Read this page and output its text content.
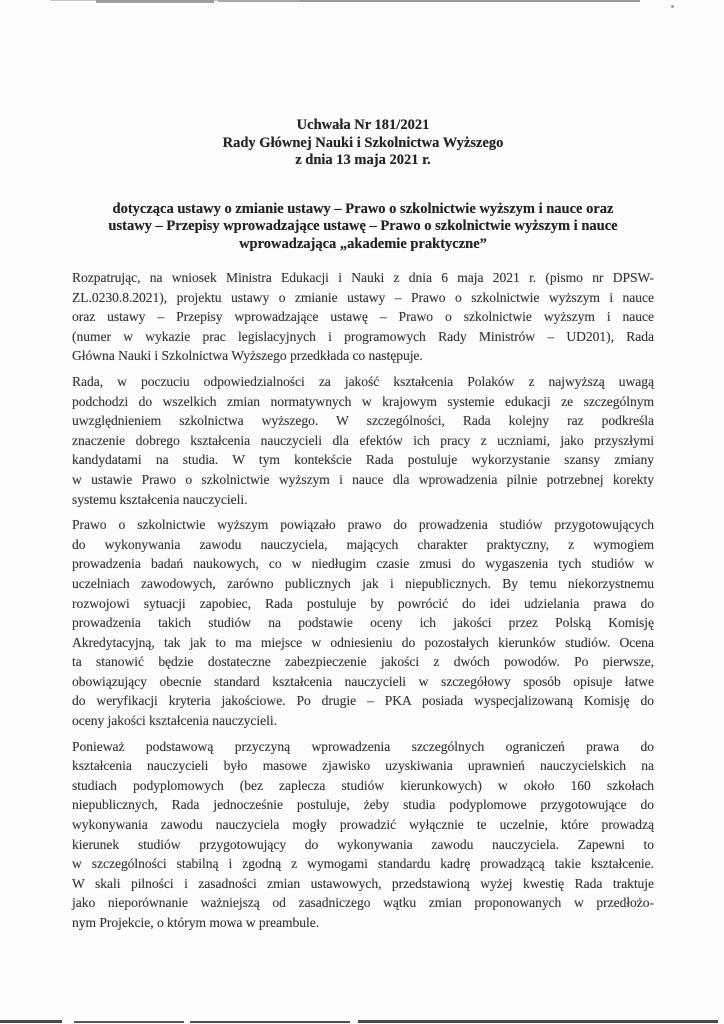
Uchwała Nr 181/2021
Rady Głównej Nauki i Szkolnictwa Wyższego
z dnia 13 maja 2021 r.
dotycząca ustawy o zmianie ustawy – Prawo o szkolnictwie wyższym i nauce oraz
ustawy – Przepisy wprowadzające ustawę – Prawo o szkolnictwie wyższym i nauce
wprowadzająca „akademie praktyczne”
Rozpatrując, na wniosek Ministra Edukacji i Nauki z dnia 6 maja 2021 r. (pismo nr DPSW-
ZL.0230.8.2021), projektu ustawy o zmianie ustawy – Prawo o szkolnictwie wyższym i nauce
oraz ustawy – Przepisy wprowadzające ustawę – Prawo o szkolnictwie wyższym i nauce
(numer w wykazie prac legislacyjnych i programowych Rady Ministrów – UD201), Rada
Główna Nauki i Szkolnictwa Wyższego przedkłada co następuje.
Rada, w poczuciu odpowiedzialności za jakość kształcenia Polaków z najwyższą uwagą
podchodzi do wszelkich zmian normatywnych w krajowym systemie edukacji ze szczególnym
uwzględnieniem szkolnictwa wyższego. W szczególności, Rada kolejny raz podkreśla
znaczenie dobrego kształcenia nauczycieli dla efektów ich pracy z uczniami, jako przyszłymi
kandydatami na studia. W tym kontekście Rada postuluje wykorzystanie szansy zmiany
w ustawie Prawo o szkolnictwie wyższym i nauce dla wprowadzenia pilnie potrzebnej korekty
systemu kształcenia nauczycieli.
Prawo o szkolnictwie wyższym powiązało prawo do prowadzenia studiów przygotowujących
do wykonywania zawodu nauczyciela, mających charakter praktyczny, z wymogiem
prowadzenia badań naukowych, co w niedługim czasie zmusi do wygaszenia tych studiów w
uczelniach zawodowych, zarówno publicznych jak i niepublicznych. By temu niekorzystnemu
rozwojowi sytuacji zapobiec, Rada postuluje by powrócić do idei udzielania prawa do
prowadzenia takich studiów na podstawie oceny ich jakości przez Polską Komisję
Akredytacyjną, tak jak to ma miejsce w odniesieniu do pozostałych kierunków studiów. Ocena
ta stanowić będzie dostateczne zabezpieczenie jakości z dwóch powodów. Po pierwsze,
obowiązujący obecnie standard kształcenia nauczycieli w szczegółowy sposób opisuje łatwe
do weryfikacji kryteria jakościowe. Po drugie – PKA posiada wyspecjalizowaną Komisję do
oceny jakości kształcenia nauczycieli.
Ponieważ podstawową przyczyną wprowadzenia szczególnych ograniczeń prawa do
kształcenia nauczycieli było masowe zjawisko uzyskiwania uprawnień nauczycielskich na
studiach podyplomowych (bez zaplecza studiów kierunkowych) w około 160 szkołach
niepublicznych, Rada jednocześnie postuluje, żeby studia podyplomowe przygotowujące do
wykonywania zawodu nauczyciela mogły prowadzić wyłącznie te uczelnie, które prowadzą
kierunek studiów przygotowujący do wykonywania zawodu nauczyciela. Zapewni to
w szczególności stabilną i zgodną z wymogami standardu kadrę prowadzącą takie kształcenie.
W skali pilności i zasadności zmian ustawowych, przedstawioną wyżej kwestię Rada traktuje
jako nieporównanie ważniejszą od zasadniczego wątku zmian proponowanych w przedłożo-
nym Projekcie, o którym mowa w preambule.
